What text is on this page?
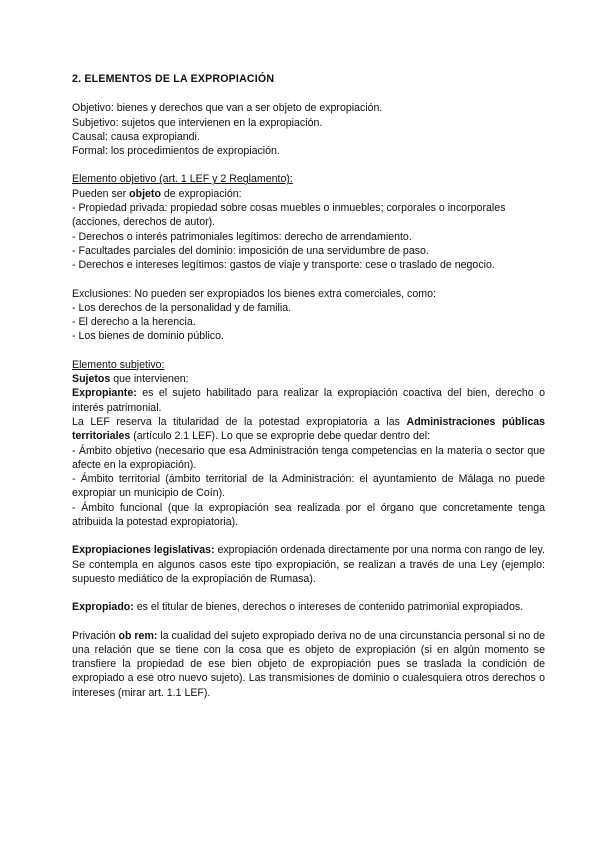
2. ELEMENTOS DE LA EXPROPIACIÓN

Objetivo: bienes y derechos que van a ser objeto de expropiación.

Subjetivo: sujetos que intervienen en la expropiación.

Causal: causa expropiandi.

Formal: los procedimientos de expropiación.

Elemento objetivo (art. 1 LEF y 2 Reglamento):

Pueden ser objeto de expropiación:

- Propiedad privada: propiedad sobre cosas muebles o inmuebles; corporales o incorporales (acciones, derechos de autor).

- Derechos o interés patrimoniales legítimos: derecho de arrendamiento.

- Facultades parciales del dominio: imposición de una servidumbre de paso.

- Derechos e intereses legítimos: gastos de viaje y transporte: cese o traslado de negocio.

Exclusiones: No pueden ser expropiados los bienes extra comerciales, como:

- Los derechos de la personalidad y de familia.

- El derecho a la herencia.

- Los bienes de dominio público.

Elemento subjetivo:

Sujetos que intervienen:

Expropiante: es el sujeto habilitado para realizar la expropiación coactiva del bien, derecho o interés patrimonial.

La LEF reserva la titularidad de la potestad expropiatoria a las Administraciones públicas territoriales (artículo 2.1 LEF). Lo que se exproprie debe quedar dentro del:

- Ámbito objetivo (necesario que esa Administración tenga competencias en la materia o sector que afecte en la expropiación).

- Ámbito territorial (ámbito territorial de la Administración: el ayuntamiento de Málaga no puede expropiar un municipio de Coín).

- Ámbito funcional (que la expropiación sea realizada por el órgano que concretamente tenga atribuida la potestad expropiatoria).

Expropiaciones legislativas: expropiación ordenada directamente por una norma con rango de ley. Se contempla en algunos casos este tipo expropiación, se realizan a través de una Ley (ejemplo: supuesto mediático de la expropiación de Rumasa).

Expropiado: es el titular de bienes, derechos o intereses de contenido patrimonial expropiados.

Privación ob rem: la cualidad del sujeto expropiado deriva no de una circunstancia personal si no de una relación que se tiene con la cosa que es objeto de expropiación (si en algún momento se transfiere la propiedad de ese bien objeto de expropiación pues se traslada la condición de expropiado a ese otro nuevo sujeto). Las transmisiones de dominio o cualesquiera otros derechos o intereses (mirar art. 1.1 LEF).
